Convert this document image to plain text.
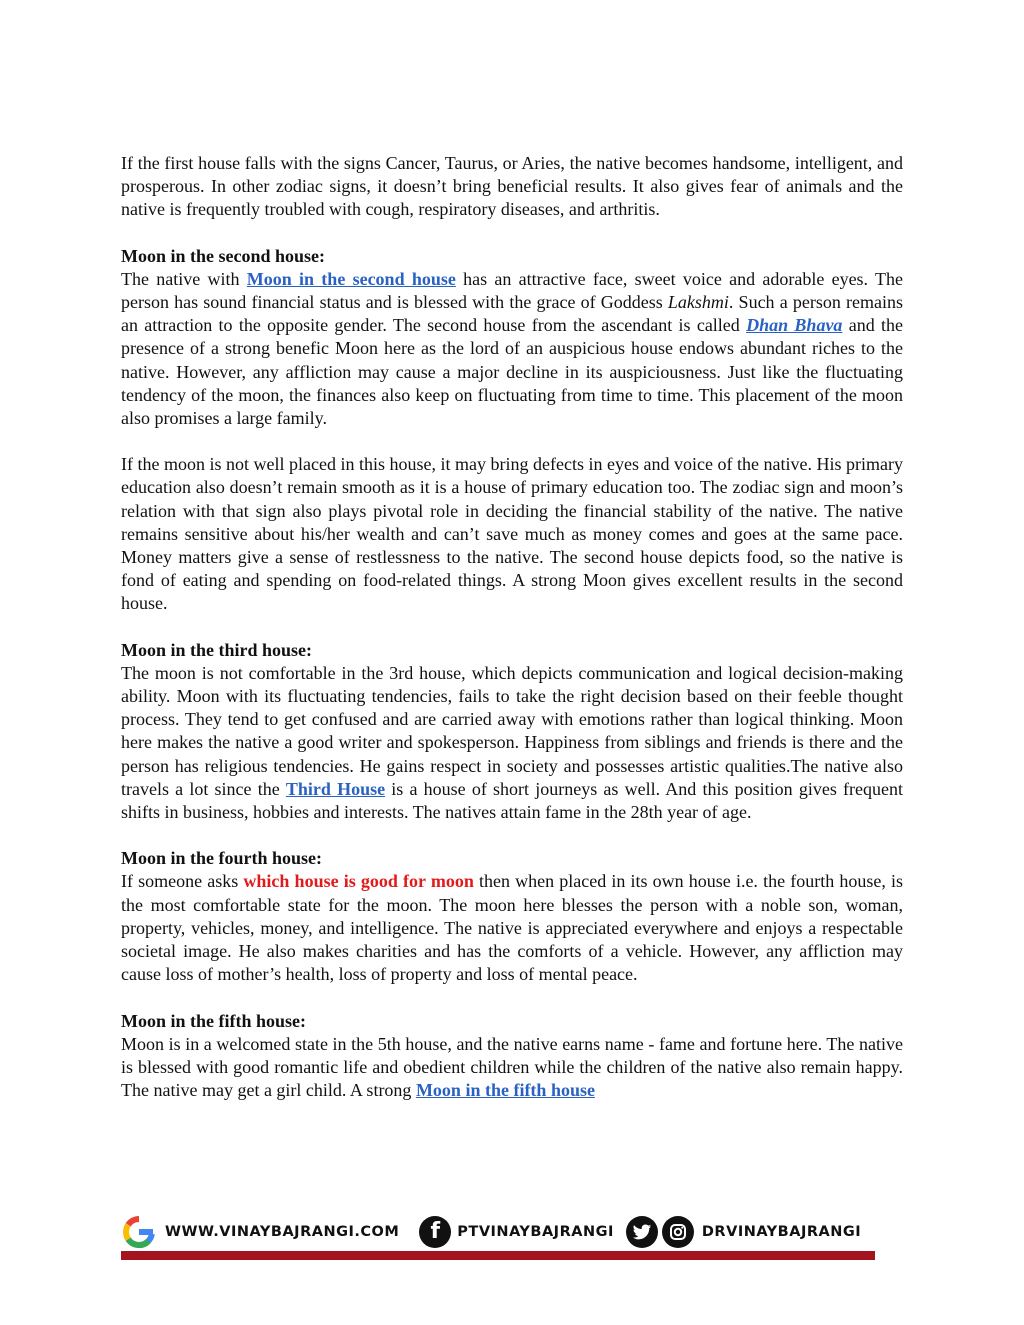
If the first house falls with the signs Cancer, Taurus, or Aries, the native becomes handsome, intelligent, and prosperous. In other zodiac signs, it doesn’t bring beneficial results. It also gives fear of animals and the native is frequently troubled with cough, respiratory diseases, and arthritis.

Moon in the second house:

The native with Moon in the second house has an attractive face, sweet voice and adorable eyes. The person has sound financial status and is blessed with the grace of Goddess Lakshmi. Such a person remains an attraction to the opposite gender. The second house from the ascendant is called Dhan Bhava and the presence of a strong benefic Moon here as the lord of an auspicious house endows abundant riches to the native. However, any affliction may cause a major decline in its auspiciousness. Just like the fluctuating tendency of the moon, the finances also keep on fluctuating from time to time. This placement of the moon also promises a large family.

If the moon is not well placed in this house, it may bring defects in eyes and voice of the native. His primary education also doesn’t remain smooth as it is a house of primary education too. The zodiac sign and moon’s relation with that sign also plays pivotal role in deciding the financial stability of the native. The native remains sensitive about his/her wealth and can’t save much as money comes and goes at the same pace. Money matters give a sense of restlessness to the native. The second house depicts food, so the native is fond of eating and spending on food-related things. A strong Moon gives excellent results in the second house.

Moon in the third house:

The moon is not comfortable in the 3rd house, which depicts communication and logical decision-making ability. Moon with its fluctuating tendencies, fails to take the right decision based on their feeble thought process. They tend to get confused and are carried away with emotions rather than logical thinking. Moon here makes the native a good writer and spokesperson. Happiness from siblings and friends is there and the person has religious tendencies. He gains respect in society and possesses artistic qualities.The native also travels a lot since the Third House is a house of short journeys as well. And this position gives frequent shifts in business, hobbies and interests. The natives attain fame in the 28th year of age.

Moon in the fourth house:

If someone asks which house is good for moon then when placed in its own house i.e. the fourth house, is the most comfortable state for the moon. The moon here blesses the person with a noble son, woman, property, vehicles, money, and intelligence. The native is appreciated everywhere and enjoys a respectable societal image. He also makes charities and has the comforts of a vehicle. However, any affliction may cause loss of mother’s health, loss of property and loss of mental peace.

Moon in the fifth house:

Moon is in a welcomed state in the 5th house, and the native earns name - fame and fortune here. The native is blessed with good romantic life and obedient children while the children of the native also remain happy. The native may get a girl child. A strong Moon in the fifth house

WWW.VINAYBAJRANGI.COM f PTVINAYBAJRANGI	DRVINAYBAJRANGI
